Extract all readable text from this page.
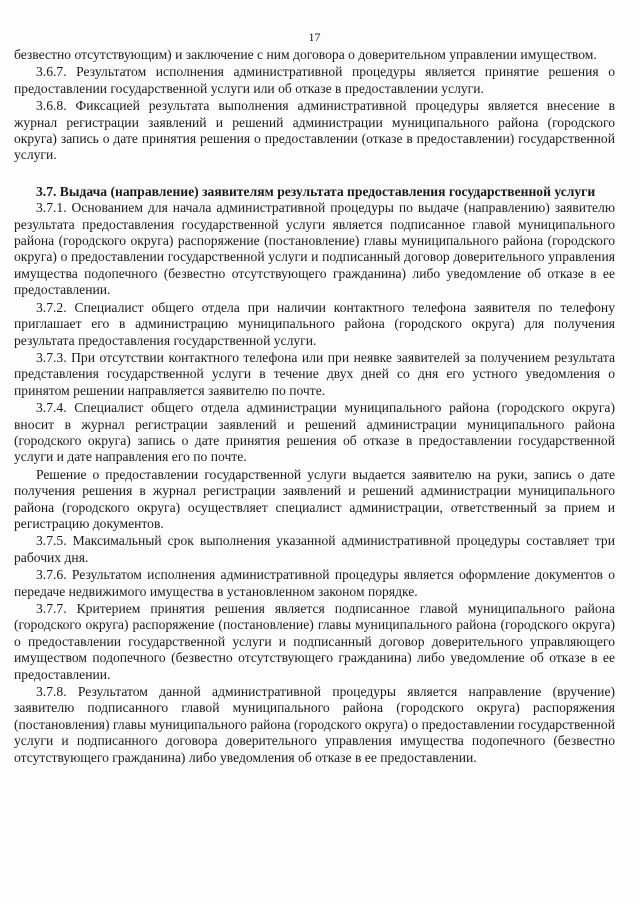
17

безвестно отсутствующим) и заключение с ним договора о доверительном управлении имуществом.

3.6.7. Результатом исполнения административной процедуры является принятие решения о предоставлении государственной услуги или об отказе в предоставлении услуги.

3.6.8. Фиксацией результата выполнения административной процедуры является внесение в журнал регистрации заявлений и решений администрации муниципального района (городского округа) запись о дате принятия решения о предоставлении (отказе в предоставлении) государственной услуги.

3.7. Выдача (направление) заявителям результата предоставления государственной услуги

3.7.1. Основанием для начала административной процедуры по выдаче (направлению) заявителю результата предоставления государственной услуги является подписанное главой муниципального района (городского округа) распоряжение (постановление) главы муниципального района (городского округа) о предоставлении государственной услуги и подписанный договор доверительного управления имущества подопечного (безвестно отсутствующего гражданина) либо уведомление об отказе в ее предоставлении.

3.7.2. Специалист общего отдела при наличии контактного телефона заявителя по телефону приглашает его в администрацию муниципального района (городского округа) для получения результата предоставления государственной услуги.

3.7.3. При отсутствии контактного телефона или при неявке заявителей за получением результата представления государственной услуги в течение двух дней со дня его устного уведомления о принятом решении направляется заявителю по почте.

3.7.4. Специалист общего отдела администрации муниципального района (городского округа) вносит в журнал регистрации заявлений и решений администрации муниципального района (городского округа) запись о дате принятия решения об отказе в предоставлении государственной услуги и дате направления его по почте.

Решение о предоставлении государственной услуги выдается заявителю на руки, запись о дате получения решения в журнал регистрации заявлений и решений администрации муниципального района (городского округа) осуществляет специалист администрации, ответственный за прием и регистрацию документов.

3.7.5. Максимальный срок выполнения указанной административной процедуры составляет три рабочих дня.

3.7.6. Результатом исполнения административной процедуры является оформление документов о передаче недвижимого имущества в установленном законом порядке.

3.7.7. Критерием принятия решения является подписанное главой муниципального района (городского округа) распоряжение (постановление) главы муниципального района (городского округа) о предоставлении государственной услуги и подписанный договор доверительного управляющего имуществом подопечного (безвестно отсутствующего гражданина) либо уведомление об отказе в ее предоставлении.

3.7.8. Результатом данной административной процедуры является направление (вручение) заявителю подписанного главой муниципального района (городского округа) распоряжения (постановления) главы муниципального района (городского округа) о предоставлении государственной услуги и подписанного договора доверительного управления имущества подопечного (безвестно отсутствующего гражданина) либо уведомления об отказе в ее предоставлении.
